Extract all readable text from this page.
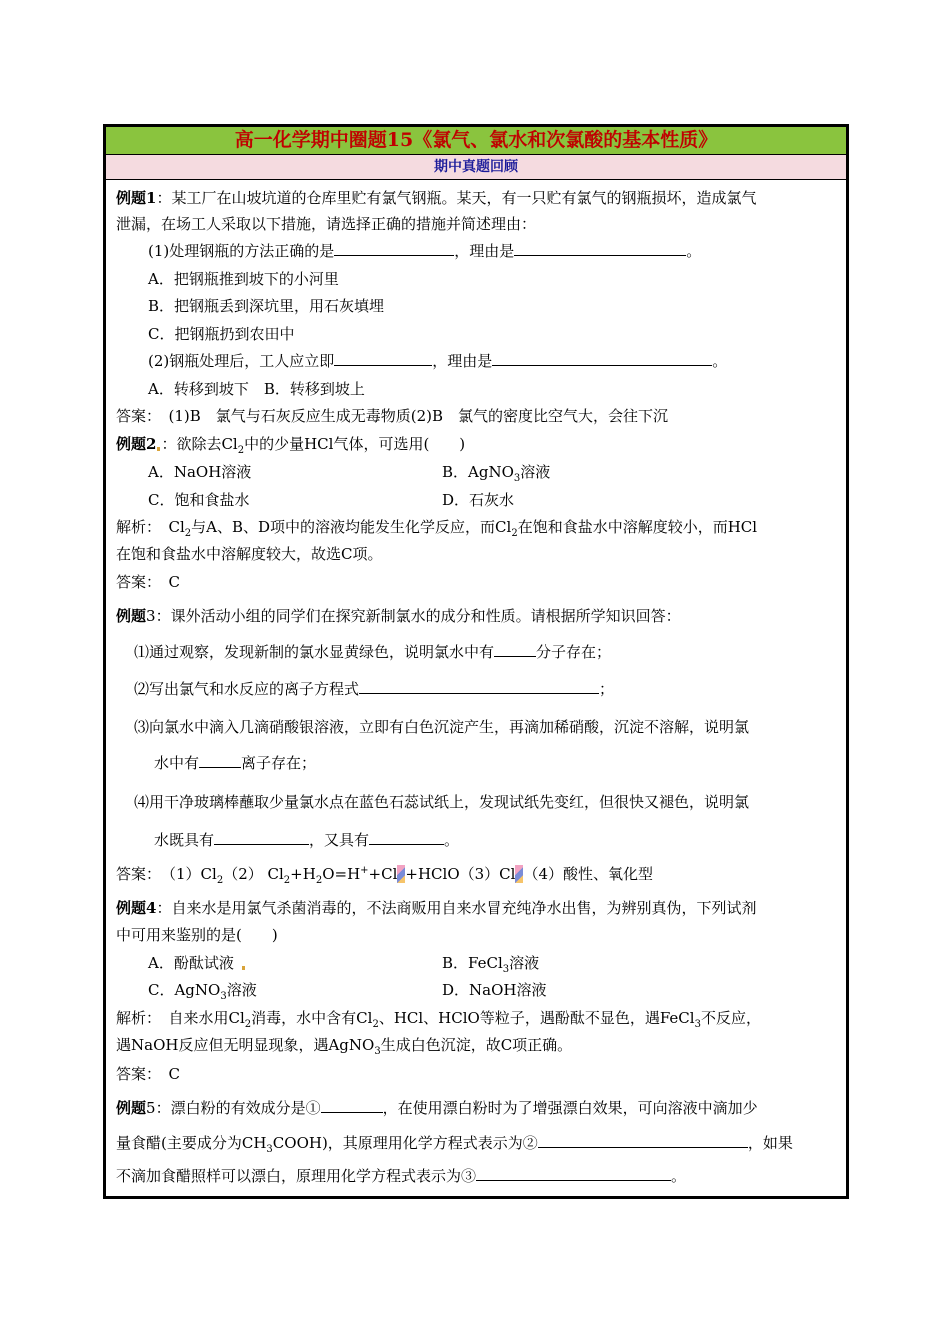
高一化学期中圈题15《氯气、氯水和次氯酸的基本性质》
期中真题回顾
例题1：某工厂在山坡坑道的仓库里贮有氯气钢瓶。某天，有一只贮有氯气的钢瓶损坏，造成氯气
泄漏，在场工人采取以下措施，请选择正确的措施并简述理由：
(1)处理钢瓶的方法正确的是	，理由是	。
A．把钢瓶推到坡下的小河里
B．把钢瓶丢到深坑里，用石灰填埋
C．把钢瓶扔到农田中
(2)钢瓶处理后，工人应立即	，理由是	。
A．转移到坡下　B．转移到坡上
答案：　(1)B　氯气与石灰反应生成无毒物质(2)B　氯气的密度比空气大，会往下沉
例题2 ：欲除去$Cl_2$中的少量HCl气体，可选用(　　)
A．NaOH溶液	B．AgNO$_3$溶液
C．饱和食盐水	D．石灰水
解析：　$Cl_2$与A、B、D项中的溶液均能发生化学反应，而$Cl_2$在饱和食盐水中溶解度较小，而HCl
在饱和食盐水中溶解度较大，故选C项。
答案：　C
例题3：课外活动小组的同学们在探究新制氯水的成分和性质。请根据所学知识回答：
⑴通过观察，发现新制的氯水显黄绿色，说明氯水中有	分子存在；
⑵写出氯气和水反应的离子方程式	；
⑶向氯水中滴入几滴硝酸银溶液，立即有白色沉淀产生，再滴加稀硝酸，沉淀不溶解，说明氯
水中有	离子存在；
⑷用干净玻璃棒蘸取少量氯水点在蓝色石蕊试纸上，发现试纸先变红，但很快又褪色，说明氯
水既具有	，又具有	。
答案：　$(1)Cl_2(2)$ $Cl_2+H_2O=H^++Cl$ +HClO（3）Cl （4）酸性、氧化型
例题4：自来水是用氯气杀菌消毒的，不法商贩用自来水冒充纯净水出售，为辨别真伪，下列试剂
中可用来鉴别的是(　　)
A．酚酞试液	B．FeCl$_3$溶液
C．AgNO$_3$溶液	D．NaOH溶液
解析：　自来水用$Cl_2$消毒，水中含有$Cl_2$、HCl、HClO等粒子，遇酚酞不显色，遇FeCl$_3$不反应，
遇NaOH反应但无明显现象，遇AgNO$_3$生成白色沉淀，故C项正确。
答案：　C
例题5：漂白粉的有效成分是①	，在使用漂白粉时为了增强漂白效果，可向溶液中滴加少
量食醋(主要成分为$CH_3COOH$)，其原理用化学方程式表示为②	，如果
不滴加食醋照样可以漂白，原理用化学方程式表示为③	。
